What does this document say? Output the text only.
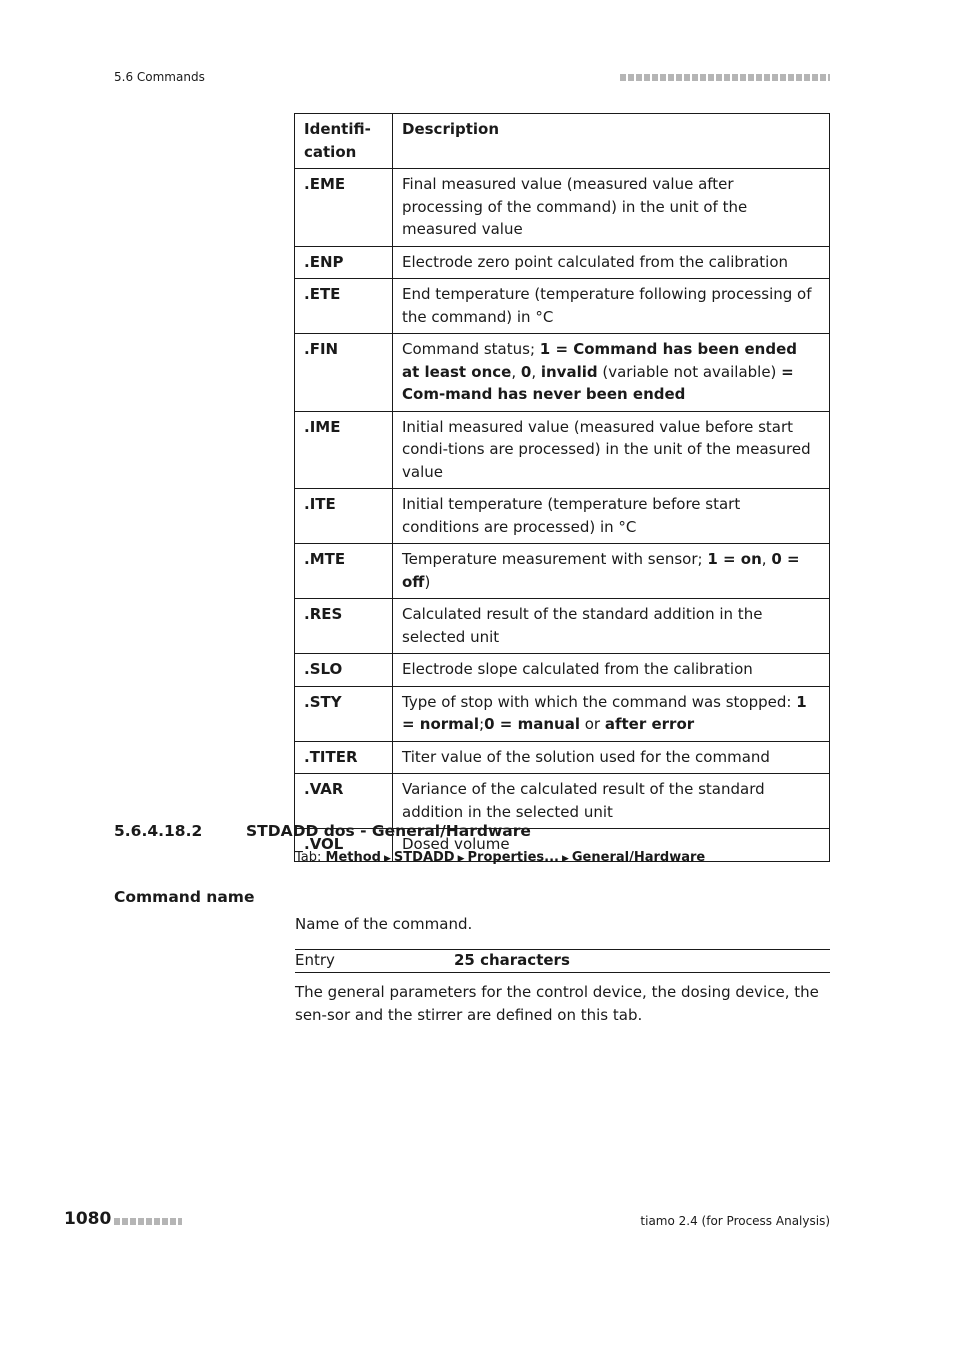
5.6 Commands
Identifi-
cation	Description
.EME	Final measured value (measured value after processing of the command) in the unit of the measured value
.ENP	Electrode zero point calculated from the calibration
.ETE	End temperature (temperature following processing of the command) in °C
.FIN	Command status; 1 = Command has been ended at least once, 0, invalid (variable not available) = Com-mand has never been ended
.IME	Initial measured value (measured value before start condi-tions are processed) in the unit of the measured value
.ITE	Initial temperature (temperature before start conditions are processed) in °C
.MTE	Temperature measurement with sensor; 1 = on, 0 = off)
.RES	Calculated result of the standard addition in the selected unit
.SLO	Electrode slope calculated from the calibration
.STY	Type of stop with which the command was stopped: 1 = normal;0 = manual or after error
.TITER	Titer value of the solution used for the command
.VAR	Variance of the calculated result of the standard addition in the selected unit
.VOL	Dosed volume
5.6.4.18.2	STDADD dos - General/Hardware
Tab: Method ▶ STDADD ▶ Properties... ▶ General/Hardware
Command name
Name of the command.
Entry	25 characters
The general parameters for the control device, the dosing device, the sen-sor and the stirrer are defined on this tab.
1080	tiamo 2.4 (for Process Analysis)
